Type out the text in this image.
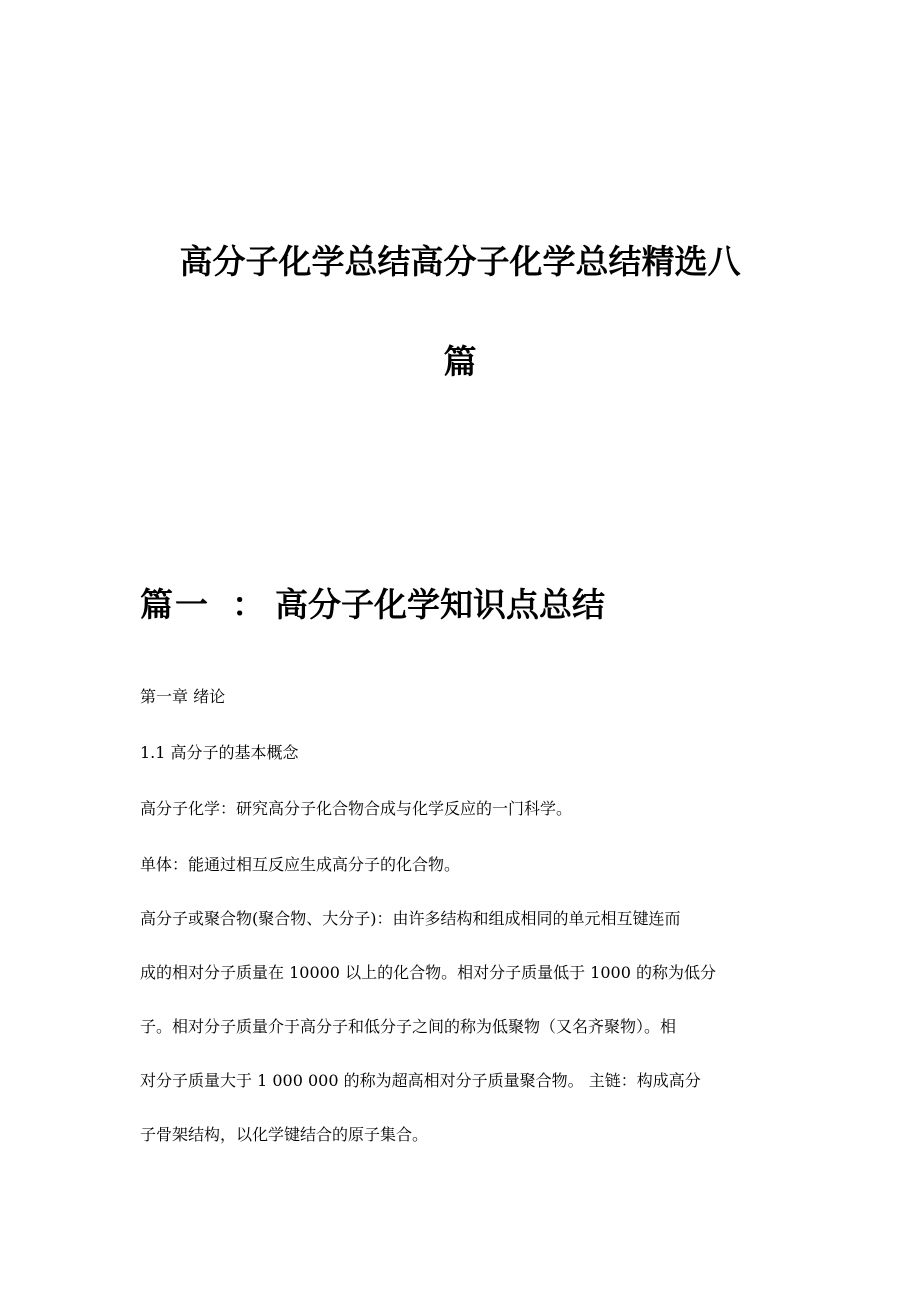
高分子化学总结高分子化学总结精选八
篇
篇一 ： 高分子化学知识点总结

第一章 绪论

1.1 高分子的基本概念

高分子化学：研究高分子化合物合成与化学反应的一门科学。

单体：能通过相互反应生成高分子的化合物。

高分子或聚合物(聚合物、大分子)：由许多结构和组成相同的单元相互键连而
成的相对分子质量在 10000 以上的化合物。相对分子质量低于 1000 的称为低分
子。相对分子质量介于高分子和低分子之间的称为低聚物（又名齐聚物）。相
对分子质量大于 1 000 000 的称为超高相对分子质量聚合物。 主链：构成高分
子骨架结构，以化学键结合的原子集合。
